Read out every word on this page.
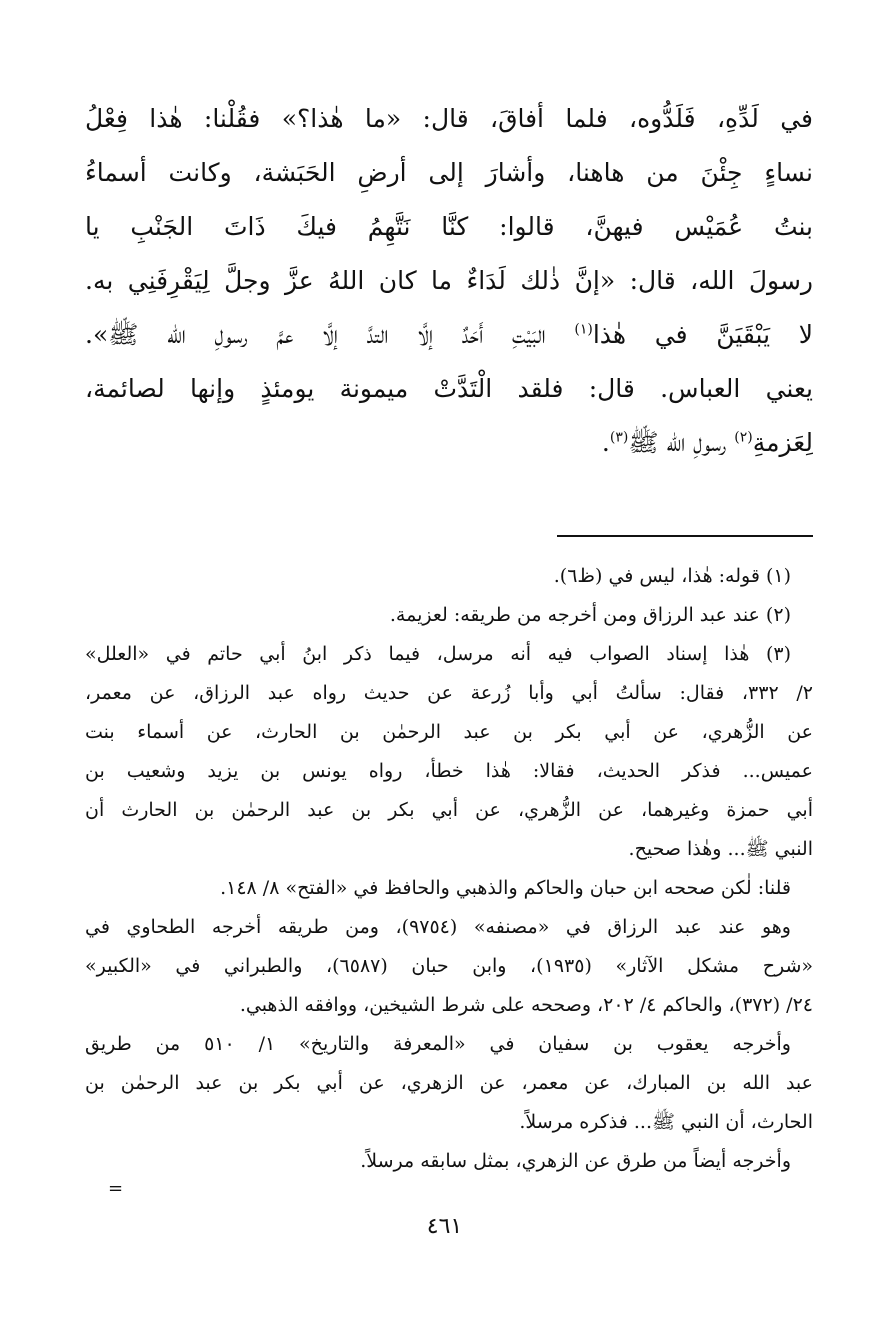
في لَدِّهِ، فَلَدُّوه، فلما أفاقَ، قال: «ما هٰذا؟» فقُلْنا: هٰذا فِعْلُ
نساءٍ جِئْنَ من هاهنا، وأشارَ إلى أرضِ الحَبَشة، وكانت أسماءُ
بنتُ عُمَيْس فيهنَّ، قالوا: كنَّا نَتَّهِمُ فيكَ ذَاتَ الجَنْبِ يا
رسولَ الله، قال: «إنَّ ذٰلك لَدَاءٌ ما كان اللهُ عزَّ وجلَّ لِيَقْرِفَنِي به.
لا يَبْقَيَنَّ في هٰذا$^{(١)}$ البَيْتِ أَحَدٌ إلَّا التدَّ إلَّا عمَّ رسولِ الله ﷺ».
يعني العباس. قال: فلقد الْتَدَّتْ ميمونة يومئذٍ وإنها لصائمة،
لِعَزمةِ$^{(٢)}$ رسولِ الله ﷺ$^{(٣)}$.
(١) قوله: هٰذا، ليس في (ظ٦).
(٢) عند عبد الرزاق ومن أخرجه من طريقه: لعزيمة.
(٣) هٰذا إسناد الصواب فيه أنه مرسل، فيما ذكر ابنُ أبي حاتم في «العلل»
٢/ ٣٣٢، فقال: سألتُ أبي وأبا زُرعة عن حديث رواه عبد الرزاق، عن معمر،
عن الزُّهري، عن أبي بكر بن عبد الرحمٰن بن الحارث، عن أسماء بنت
عميس... فذكر الحديث، فقالا: هٰذا خطأ، رواه يونس بن يزيد وشعيب بن
أبي حمزة وغيرهما، عن الزُّهري، عن أبي بكر بن عبد الرحمٰن بن الحارث أن
النبي ﷺ... وهٰذا صحيح.
قلنا: لٰكن صححه ابن حبان والحاكم والذهبي والحافظ في «الفتح» ٨/ ١٤٨.
وهو عند عبد الرزاق في «مصنفه» (٩٧٥٤)، ومن طريقه أخرجه الطحاوي في
«شرح مشكل الآثار» (١٩٣٥)، وابن حبان (٦٥٨٧)، والطبراني في «الكبير»
٢٤/ (٣٧٢)، والحاكم ٤/ ٢٠٢، وصححه على شرط الشيخين، ووافقه الذهبي.
وأخرجه يعقوب بن سفيان في «المعرفة والتاريخ» ١/ ٥١٠ من طريق
عبد الله بن المبارك، عن معمر، عن الزهري، عن أبي بكر بن عبد الرحمٰن بن
الحارث، أن النبي ﷺ... فذكره مرسلاً.
وأخرجه أيضاً من طرق عن الزهري، بمثل سابقه مرسلاً.
=
٤٦١
